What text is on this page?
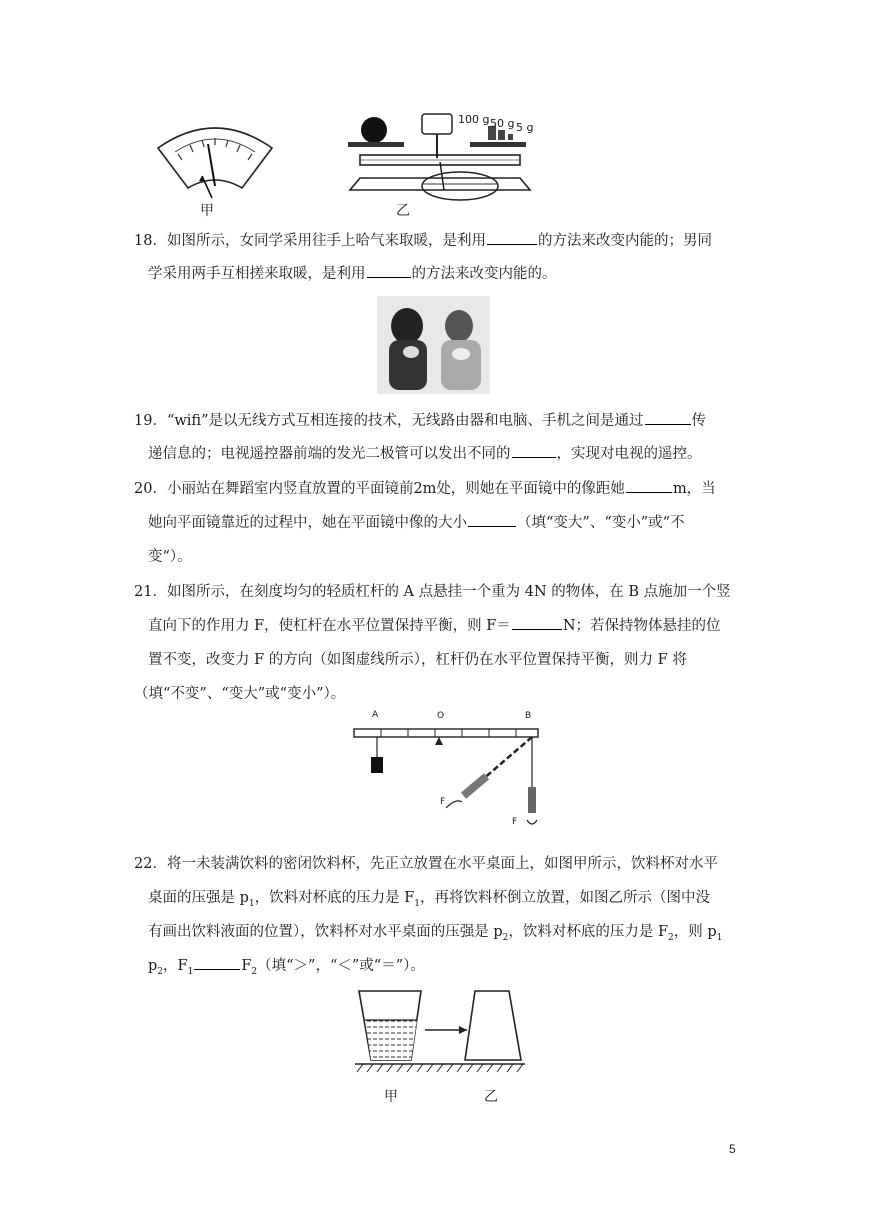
甲
100 g 50 g 5 g
乙
18．如图所示，女同学采用往手上哈气来取暖，是利用	的方法来改变内能的；男同
学采用两手互相搓来取暖，是利用	的方法来改变内能的。
19．“wifi”是以无线方式互相连接的技术，无线路由器和电脑、手机之间是通过	传
递信息的；电视遥控器前端的发光二极管可以发出不同的	，实现对电视的遥控。
20．小丽站在舞蹈室内竖直放置的平面镜前2m处，则她在平面镜中的像距她	m，当
她向平面镜靠近的过程中，她在平面镜中像的大小	（填“变大”、“变小”或“不
变“）。
21．如图所示，在刻度均匀的轻质杠杆的 A 点悬挂一个重为 4N 的物体，在 B 点施加一个竖
直向下的作用力 F，使杠杆在水平位置保持平衡，则 F＝	N；若保持物体悬挂的位
置不变，改变力 F 的方向（如图虚线所示），杠杆仍在水平位置保持平衡，则力 F 将
（填“不变”、“变大”或“变小”）。
A	O	B
F
F
22．将一未装满饮料的密闭饮料杯，先正立放置在水平桌面上，如图甲所示，饮料杯对水平
桌面的压强是 $p_1$，饮料对杯底的压力是 $F_1$，再将饮料杯倒立放置，如图乙所示（图中没
有画出饮料液面的位置），饮料杯对水平桌面的压强是 $p_2$，饮料对杯底的压力是 $F_2$，则 $p_1$
$p_2$，$F_1$	$F_2$（填“＞”，“＜”或“＝”）。
甲	乙
5
